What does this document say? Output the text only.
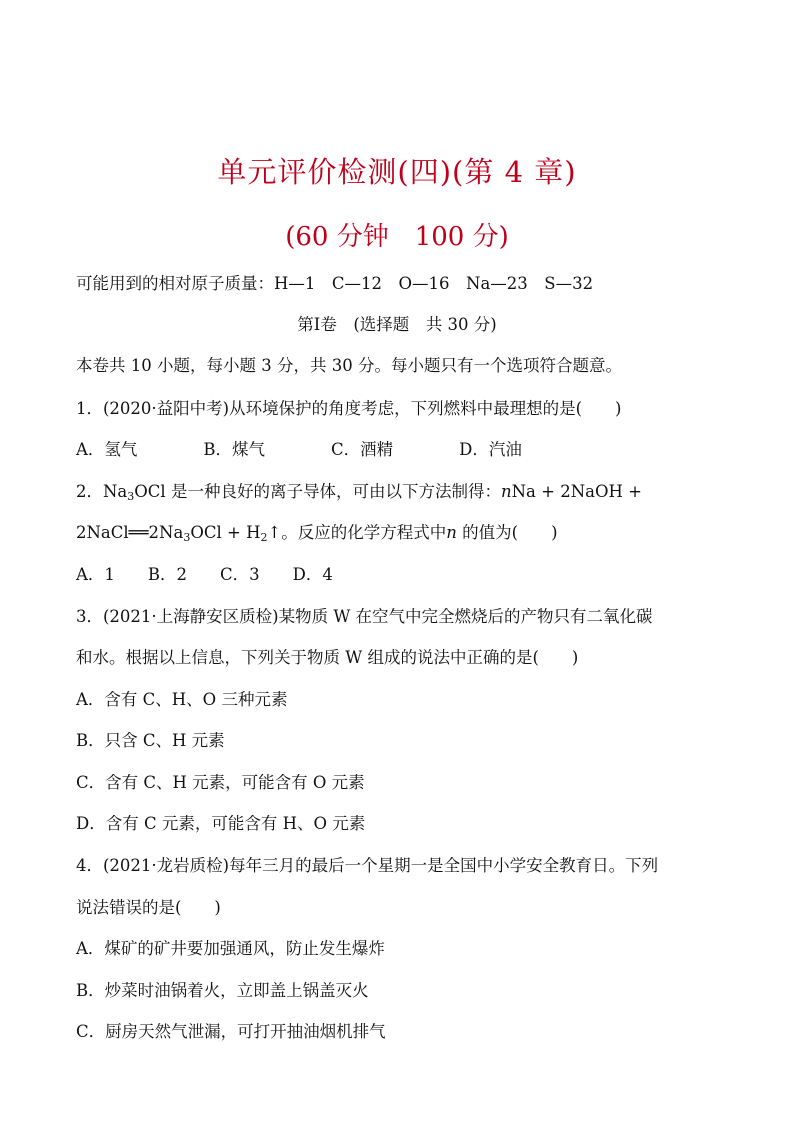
单元评价检测(四)(第 4 章)
(60 分钟　100 分)
可能用到的相对原子质量：H—1　C—12　O—16　Na—23　S—32
第Ⅰ卷　(选择题　共 30 分)
本卷共 10 小题，每小题 3 分，共 30 分。每小题只有一个选项符合题意。
1．(2020·益阳中考)从环境保护的角度考虑，下列燃料中最理想的是(　　)
A．氢气　　　　B．煤气　　　　C．酒精　　　　D．汽油
2．$Na_3OCl$ 是一种良好的离子导体，可由以下方法制得：nNa + 2NaOH +
$2NaCl══2Na_3OCl$ + $H_2↑$。反应的化学方程式中n 的值为(　　)
A．1　　B．2　　C．3　　D．4
3．(2021·上海静安区质检)某物质 W 在空气中完全燃烧后的产物只有二氧化碳
和水。根据以上信息，下列关于物质 W 组成的说法中正确的是(　　)
A．含有 C、H、O 三种元素
B．只含 C、H 元素
C．含有 C、H 元素，可能含有 O 元素
D．含有 C 元素，可能含有 H、O 元素
4．(2021·龙岩质检)每年三月的最后一个星期一是全国中小学安全教育日。下列
说法错误的是(　　)
A．煤矿的矿井要加强通风，防止发生爆炸
B．炒菜时油锅着火，立即盖上锅盖灭火
C．厨房天然气泄漏，可打开抽油烟机排气
